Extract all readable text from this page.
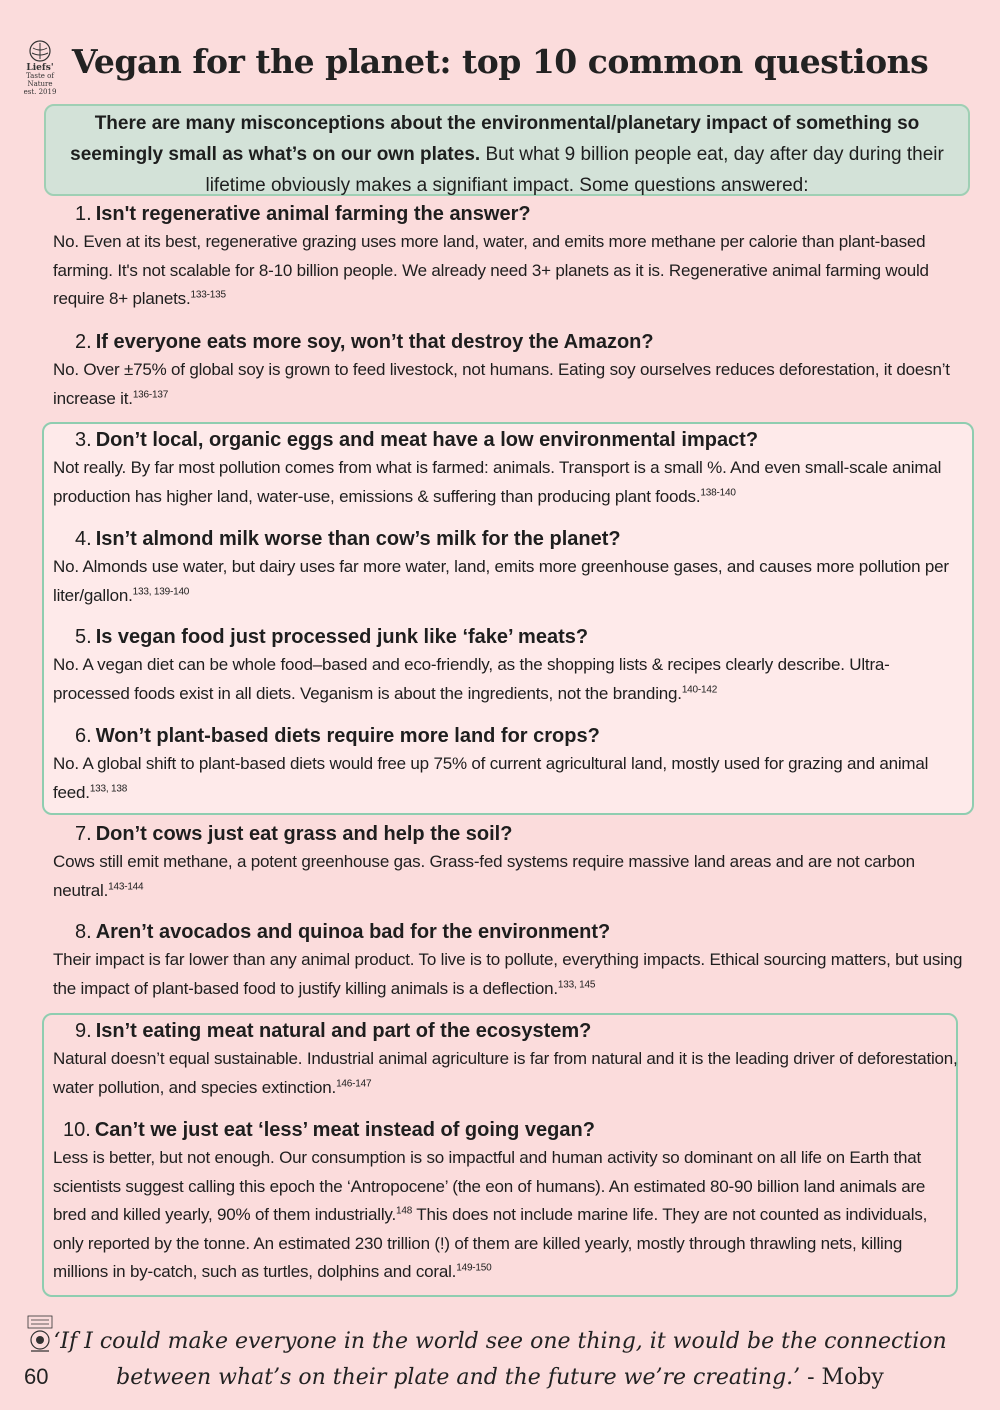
Liefs'
Taste of Nature
est. 2019
Vegan for the planet: top 10 common questions
There are many misconceptions about the environmental/planetary impact of something so seemingly small as what’s on our own plates. But what 9 billion people eat, day after day during their lifetime obviously makes a signifiant impact. Some questions answered:
1. Isn't regenerative animal farming the answer?

No. Even at its best, regenerative grazing uses more land, water, and emits more methane per calorie than plant-based farming. It's not scalable for 8-10 billion people. We already need 3+ planets as it is. Regenerative animal farming would require 8+ planets.$^{133-135}$

2. If everyone eats more soy, won’t that destroy the Amazon?

No. Over ±75% of global soy is grown to feed livestock, not humans. Eating soy ourselves reduces deforestation, it doesn’t increase it.$^{136-137}$

3. Don’t local, organic eggs and meat have a low environmental impact?

Not really. By far most pollution comes from what is farmed: animals. Transport is a small %. And even small-scale animal production has higher land, water-use, emissions & suffering than producing plant foods.$^{138-140}$

4. Isn’t almond milk worse than cow’s milk for the planet?

No. Almonds use water, but dairy uses far more water, land, emits more greenhouse gases, and causes more pollution per liter/gallon.$^{133, 139-140}$

5. Is vegan food just processed junk like ‘fake’ meats?

No. A vegan diet can be whole food–based and eco-friendly, as the shopping lists & recipes clearly describe. Ultra-processed foods exist in all diets. Veganism is about the ingredients, not the branding.$^{140-142}$

6. Won’t plant-based diets require more land for crops?

No. A global shift to plant-based diets would free up 75% of current agricultural land, mostly used for grazing and animal feed.$^{133, 138}$

7. Don’t cows just eat grass and help the soil?

Cows still emit methane, a potent greenhouse gas. Grass-fed systems require massive land areas and are not carbon neutral.$^{143-144}$

8. Aren’t avocados and quinoa bad for the environment?

Their impact is far lower than any animal product. To live is to pollute, everything impacts. Ethical sourcing matters, but using the impact of plant-based food to justify killing animals is a deflection.$^{133, 145}$

9. Isn’t eating meat natural and part of the ecosystem?

Natural doesn’t equal sustainable. Industrial animal agriculture is far from natural and it is the leading driver of deforestation, water pollution, and species extinction.$^{146-147}$

10. Can’t we just eat ‘less’ meat instead of going vegan?

Less is better, but not enough. Our consumption is so impactful and human activity so dominant on all life on Earth that scientists suggest calling this epoch the ‘Antropocene’ (the eon of humans). An estimated 80-90 billion land animals are bred and killed yearly, 90% of them industrially.$^{148}$ This does not include marine life. They are not counted as individuals, only reported by the tonne. An estimated 230 trillion (!) of them are killed yearly, mostly through thrawling nets, killing millions in by-catch, such as turtles, dolphins and coral.$^{149-150}$

60
‘If I could make everyone in the world see one thing, it would be the connection
between what’s on their plate and the future we’re creating.’ - Moby
